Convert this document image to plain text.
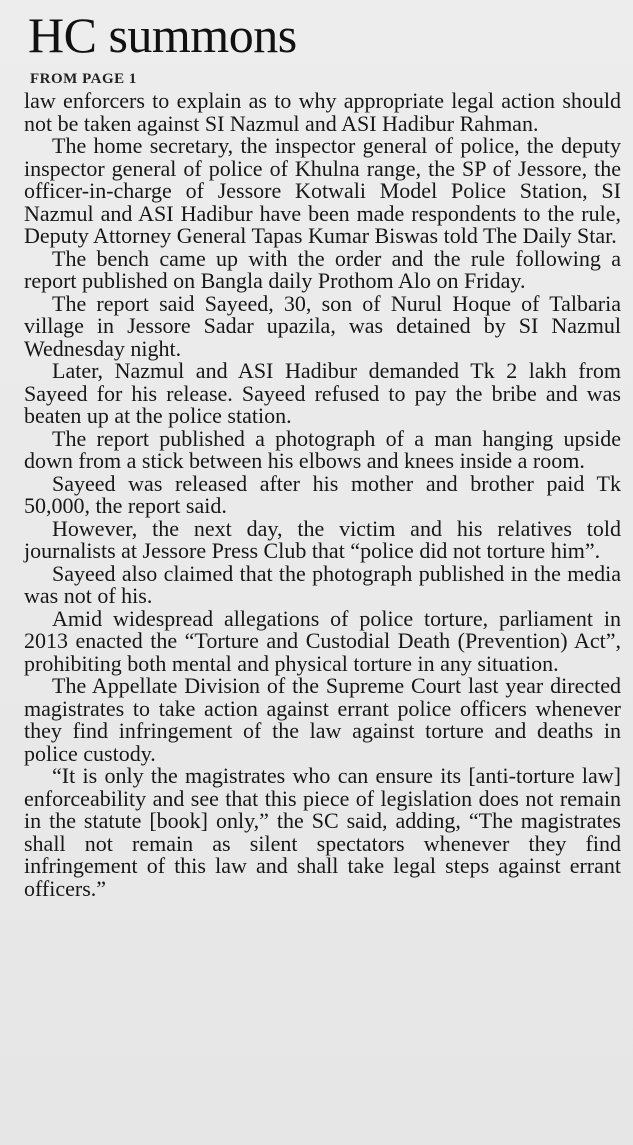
HC summons
FROM PAGE 1

law enforcers to explain as to why appropriate legal action should not be taken against SI Nazmul and ASI Hadibur Rahman.

The home secretary, the inspector general of police, the deputy inspector general of police of Khulna range, the SP of Jessore, the officer-in-charge of Jessore Kotwali Model Police Station, SI Nazmul and ASI Hadibur have been made respondents to the rule, Deputy Attorney General Tapas Kumar Biswas told The Daily Star.

The bench came up with the order and the rule following a report published on Bangla daily Prothom Alo on Friday.

The report said Sayeed, 30, son of Nurul Hoque of Talbaria village in Jessore Sadar upazila, was detained by SI Nazmul Wednesday night.

Later, Nazmul and ASI Hadibur demanded Tk 2 lakh from Sayeed for his release. Sayeed refused to pay the bribe and was beaten up at the police station.

The report published a photograph of a man hanging upside down from a stick between his elbows and knees inside a room.

Sayeed was released after his mother and brother paid Tk 50,000, the report said.

However, the next day, the victim and his relatives told journalists at Jessore Press Club that “police did not torture him”.

Sayeed also claimed that the photograph published in the media was not of his.

Amid widespread allegations of police torture, parliament in 2013 enacted the “Torture and Custodial Death (Prevention) Act”, prohibiting both mental and physical torture in any situation.

The Appellate Division of the Supreme Court last year directed magistrates to take action against errant police officers whenever they find infringement of the law against torture and deaths in police custody.

“It is only the magistrates who can ensure its [anti-torture law] enforceability and see that this piece of legislation does not remain in the statute [book] only,” the SC said, adding, “The magistrates shall not remain as silent spectators whenever they find infringement of this law and shall take legal steps against errant officers.”
